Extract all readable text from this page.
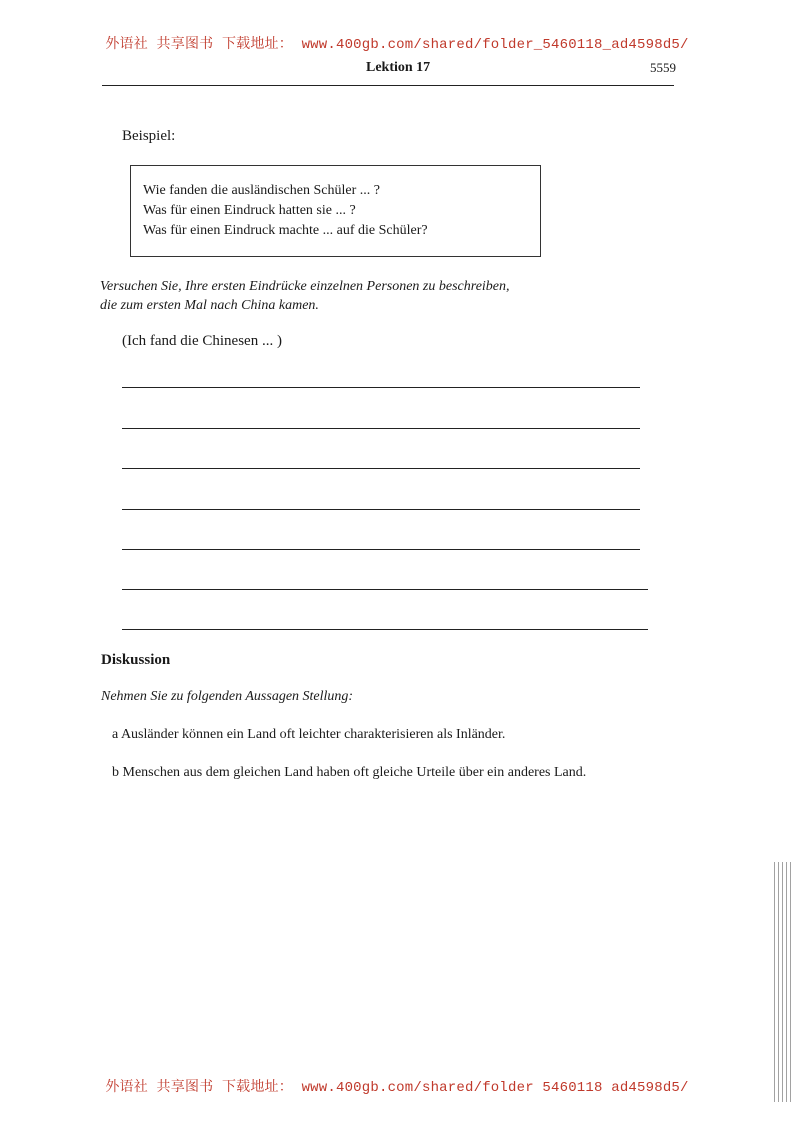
外语社 共享图书 下载地址： www.400gb.com/shared/folder_5460118_ad4598d5/
Lektion 17	5559
Beispiel:
Wie fanden die ausländischen Schüler ... ?
Was für einen Eindruck hatten sie ... ?
Was für einen Eindruck machte ... auf die Schüler?
Versuchen Sie, Ihre ersten Eindrücke einzelnen Personen zu beschreiben,
die zum ersten Mal nach China kamen.
(Ich fand die Chinesen ... )
Diskussion
Nehmen Sie zu folgenden Aussagen Stellung:
a Ausländer können ein Land oft leichter charakterisieren als Inländer.
b Menschen aus dem gleichen Land haben oft gleiche Urteile über ein anderes Land.
外语社 共享图书 下载地址： www.400gb.com/shared/folder 5460118 ad4598d5/
